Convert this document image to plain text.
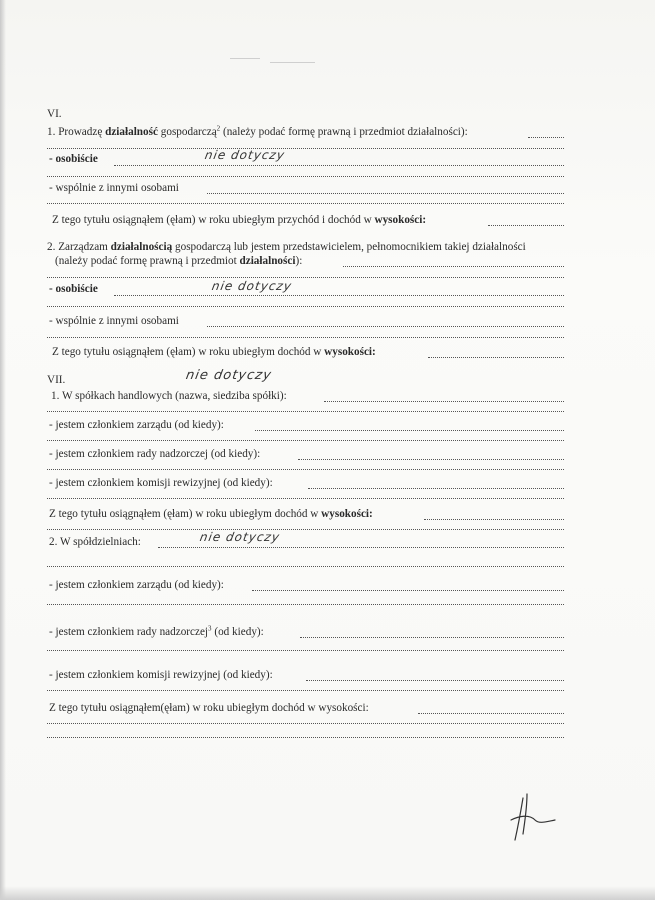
VI.
1. Prowadzę działalność gospodarczą$^2$ (należy podać formę prawną i przedmiot działalności):
- osobiście	nie dotyczy
- wspólnie z innymi osobami
Z tego tytułu osiągnąłem (ęłam) w roku ubiegłym przychód i dochód w wysokości:
2. Zarządzam działalnością gospodarczą lub jestem przedstawicielem, pełnomocnikiem takiej działalności
(należy podać formę prawną i przedmiot działalności):
- osobiście	nie dotyczy
- wspólnie z innymi osobami
Z tego tytułu osiągnąłem (ęłam) w roku ubiegłym dochód w wysokości:
VII.	nie dotyczy
1. W spółkach handlowych (nazwa, siedziba spółki):
- jestem członkiem zarządu (od kiedy):
- jestem członkiem rady nadzorczej (od kiedy):
- jestem członkiem komisji rewizyjnej (od kiedy):
Z tego tytułu osiągnąłem (ęłam) w roku ubiegłym dochód w wysokości:
2. W spółdzielniach:	nie dotyczy
- jestem członkiem zarządu (od kiedy):
- jestem członkiem rady nadzorczej$^3$ (od kiedy):
- jestem członkiem komisji rewizyjnej (od kiedy):
Z tego tytułu osiągnąłem(ęłam) w roku ubiegłym dochód w wysokości:
